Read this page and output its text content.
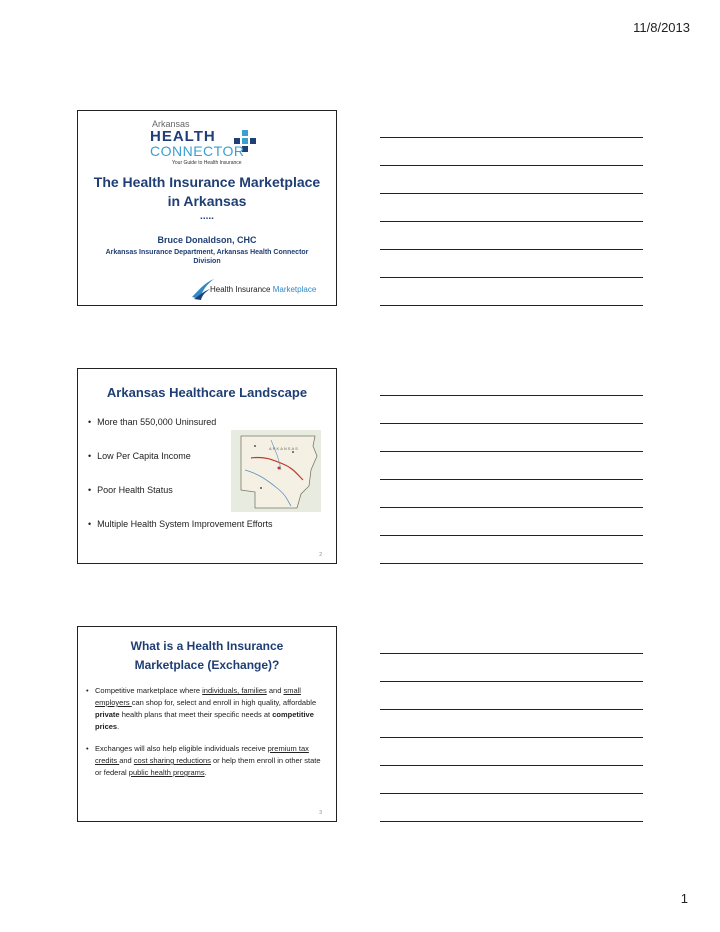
11/8/2013
Arkansas
HEALTH
CONNECTOR
Your Guide to Health Insurance
The Health Insurance Marketplace
in Arkansas
.....
Bruce Donaldson, CHC
Arkansas Insurance Department, Arkansas Health Connector
Division
Health Insurance Marketplace
Arkansas Healthcare Landscape
• More than 550,000 Uninsured
• Low Per Capita Income
• Poor Health Status
• Multiple Health System Improvement Efforts
ARKANSAS
2
What is a Health Insurance
Marketplace (Exchange)?
• Competitive marketplace where individuals, families and small employers can shop for, select and enroll in high quality, affordable private health plans that meet their specific needs at competitive prices.
• Exchanges will also help eligible individuals receive premium tax credits and cost sharing reductions or help them enroll in other state or federal public health programs.
3
1
